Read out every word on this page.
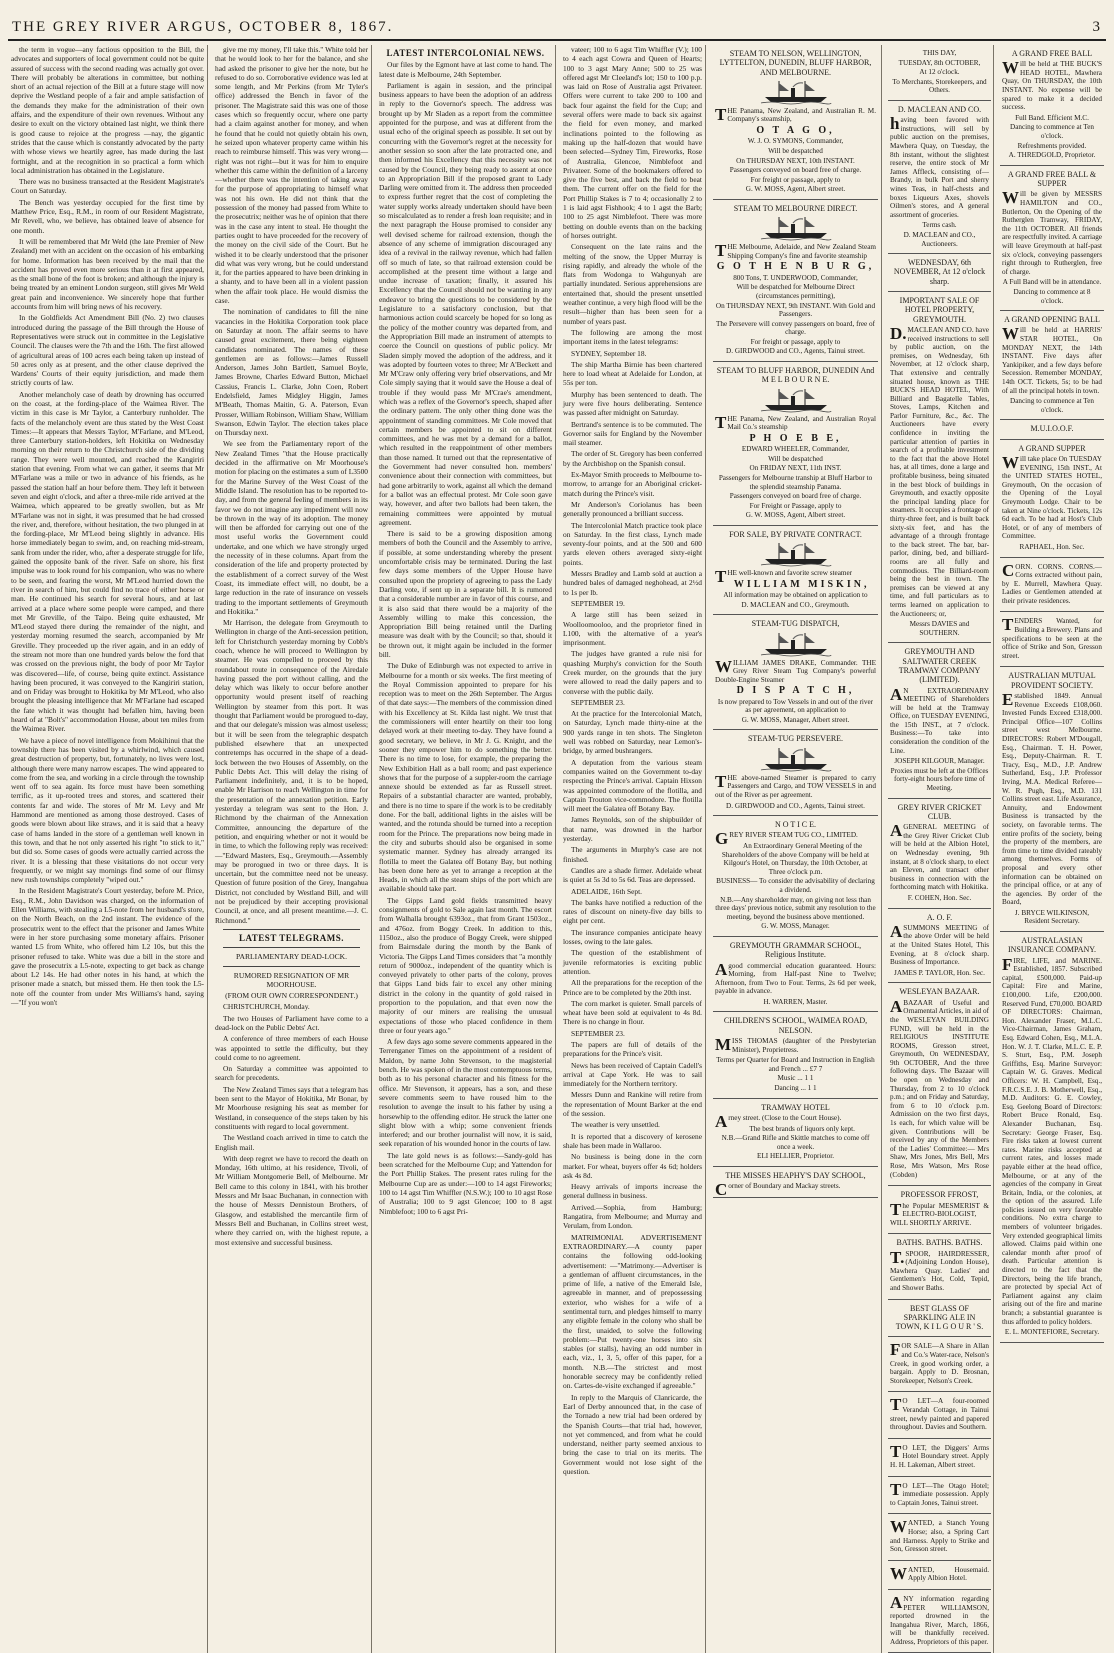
THE GREY RIVER ARGUS, OCTOBER 8, 1867.	3

the term in vogue—any factious opposition to the Bill, the advocates and supporters of local government could not be quite assured of success with the second reading was actually got over. There will probably be alterations in committee, but nothing short of an actual rejection of the Bill at a future stage will now deprive the Westland people of a fair and ample satisfaction of the demands they make for the administration of their own affairs, and the expenditure of their own revenues. Without any desire to exult on the victory obtained last night, we think there is good cause to rejoice at the progress —nay, the gigantic strides that the cause which is constantly advocated by the party with whose views we heartily agree, has made during the last fortnight, and at the recognition in so practical a form which local administration has obtained in the Legislature.

There was no business transacted at the Resident Magistrate's Court on Saturday.

The Bench was yesterday occupied for the first time by Matthew Price, Esq., R.M., in room of our Resident Magistrate, Mr Revell, who, we believe, has obtained leave of absence for one month.

It will be remembered that Mr Weld (the late Premier of New Zealand) met with an accident on the occasion of his embarking for home. Information has been received by the mail that the accident has proved even more serious than it at first appeared, as the small bone of the foot is broken; and although the injury is being treated by an eminent London surgeon, still gives Mr Weld great pain and inconvenience. We sincerely hope that further accounts from him will bring news of his recovery.

In the Goldfields Act Amendment Bill (No. 2) two clauses introduced during the passage of the Bill through the House of Representatives were struck out in committee in the Legislative Council. The clauses were the 7th and the 16th. The first allowed of agricultural areas of 100 acres each being taken up instead of 50 acres only as at present, and the other clause deprived the Wardens' Courts of their equity jurisdiction, and made them strictly courts of law.

Another melancholy case of death by drowning has occurred on the coast, at the fording-place of the Waimea River. The victim in this case is Mr Taylor, a Canterbury runholder. The facts of the melancholy event are thus stated by the West Coast Times:—It appears that Messrs Taylor, M'Farlane, and M'Leod, three Canterbury station-holders, left Hokitika on Wednesday morning on their return to the Christchurch side of the dividing range. They were well mounted, and reached the Kangiriri station that evening. From what we can gather, it seems that Mr M'Farlane was a mile or two in advance of his friends, as he passed the station half an hour before them. They left it between seven and eight o'clock, and after a three-mile ride arrived at the Waimea, which appeared to be greatly swollen, but as Mr M'Farlane was not in sight, it was presumed that he had crossed the river, and, therefore, without hesitation, the two plunged in at the fording-place, Mr M'Leod being slightly in advance. His horse immediately began to swim, and, on reaching mid-stream, sank from under the rider, who, after a desperate struggle for life, gained the opposite bank of the river. Safe on shore, his first impulse was to look round for his companion, who was no where to be seen, and fearing the worst, Mr M'Leod hurried down the river in search of him, but could find no trace of either horse or man. He continued his search for several hours, and at last arrived at a place where some people were camped, and there met Mr Greville, of the Taipo. Being quite exhausted, Mr M'Leod stayed there during the remainder of the night, and yesterday morning resumed the search, accompanied by Mr Greville. They proceeded up the river again, and in an eddy of the stream not more than one hundred yards below the ford that was crossed on the previous night, the body of poor Mr Taylor was discovered—life, of course, being quite extinct. Assistance having been procured, it was conveyed to the Kangiriri station, and on Friday was brought to Hokitika by Mr M'Leod, who also brought the pleasing intelligence that Mr M'Farlane had escaped the fate which it was thought had befallen him, having been heard of at "Bolt's" accommodation House, about ten miles from the Waimea River.

We have a piece of novel intelligence from Mokihinui that the township there has been visited by a whirlwind, which caused great destruction of property, but, fortunately, no lives were lost, although there were many narrow escapes. The wind appeared to come from the sea, and working in a circle through the township went off to sea again. Its force must have been something terrific, as it up-rooted trees and stores, and scattered their contents far and wide. The stores of Mr M. Levy and Mr Hammond are mentioned as among those destroyed. Cases of goods were blown about like straws, and it is said that a heavy case of hams landed in the store of a gentleman well known in this town, and that he not only asserted his right "to stick to it," but did so. Some cases of goods were actually carried across the river. It is a blessing that these visitations do not occur very frequently, or we might say mornings find some of our flimsy new rush townships completely "wiped out."

In the Resident Magistrate's Court yesterday, before M. Price, Esq., R.M., John Davidson was charged, on the information of Ellen Williams, with stealing a L5-note from her husband's store, on the North Beach, on the 2nd instant. The evidence of the prosecutrix went to the effect that the prisoner and James White were in her store purchasing some monetary affairs. Prisoner wanted L5 from White, who offered him L2 10s, but this the prisoner refused to take. White was due a bill in the store and gave the prosecutrix a L5-note, expecting to get back as change about L2 14s. He had other notes in his hand, at which the prisoner made a snatch, but missed them. He then took the L5-note off the counter from under Mrs Williams's hand, saying—"If you won't

give me my money, I'll take this." White told her that he would look to her for the balance, and she had asked the prisoner to give her the note, but he refused to do so. Corroborative evidence was led at some length, and Mr Perkins (from Mr Tyler's office) addressed the Bench in favor of the prisoner. The Magistrate said this was one of those cases which so frequently occur, where one party had a claim against another for money, and when he found that he could not quietly obtain his own, he seized upon whatever property came within his reach to reimburse himself. This was very wrong—right was not right—but it was for him to enquire whether this came within the definition of a larceny—whether there was the intention of taking away for the purpose of appropriating to himself what was not his own. He did not think that the possession of the money had passed from White to the prosecutrix; neither was he of opinion that there was in the case any intent to steal. He thought the parties ought to have proceeded for the recovery of the money on the civil side of the Court. But he wished it to be clearly understood that the prisoner did what was very wrong, but he could understand it, for the parties appeared to have been drinking in a shanty, and to have been all in a violent passion when the affair took place. He would dismiss the case.

The nomination of candidates to fill the nine vacancies in the Hokitika Corporation took place on Saturday at noon. The affair seems to have caused great excitement, there being eighteen candidates nominated. The names of these gentlemen are as follows:—James Russell Anderson, James John Bartlett, Samuel Boyle, James Browne, Charles Edward Button, Michael Cassius, Francis L. Clarke, John Coen, Robert Endelsfield, James Midgley Higgin, James M'Beath, Thomas Maitin, G. A. Paterson, Evan Prosser, William Robinson, William Shaw, William Swanson, Edwin Taylor. The election takes place on Thursday next.

We see from the Parliamentary report of the New Zealand Times "that the House practically decided in the affirmative on Mr Moorhouse's motion for placing on the estimates a sum of L3500 for the Marine Survey of the West Coast of the Middle Island. The resolution has to be reported to-day, and from the general feeling of members in its favor we do not imagine any impediment will now be thrown in the way of its adoption. The money will then be afforded for carrying out one of the most useful works the Government could undertake, and one which we have strongly urged the necessity of in these columns. Apart from the consideration of the life and property protected by the establishment of a correct survey of the West Coast, its immediate effect will, no doubt, be a large reduction in the rate of insurance on vessels trading to the important settlements of Greymouth and Hokitika."

Mr Harrison, the delegate from Greymouth to Wellington in charge of the Anti-secession petition, left for Christchurch yesterday morning by Cobb's coach, whence he will proceed to Wellington by steamer. He was compelled to proceed by this roundabout route in consequence of the Airedale having passed the port without calling, and the delay which was likely to occur before another opportunity would present itself of reaching Wellington by steamer from this port. It was thought that Parliament would be prorogued to-day, and that our delegate's mission was almost useless; but it will be seen from the telegraphic despatch published elsewhere that an unexpected contretemps has occurred in the shape of a dead-lock between the two Houses of Assembly, on the Public Debts Act. This will delay the rising of Parliament indefinitely, and, it is to be hoped, enable Mr Harrison to reach Wellington in time for the presentation of the annexation petition. Early yesterday a telegram was sent to the Hon. J. Richmond by the chairman of the Annexation Committee, announcing the departure of the petition, and enquiring whether or not it would be in time, to which the following reply was received:—"Edward Masters, Esq., Greymouth.—Assembly may be prorogued in two or three days. It is uncertain, but the committee need not be uneasy. Question of future position of the Grey, Inangahua District, not concluded by Westland Bill, and will not be prejudiced by their accepting provisional Council, at once, and all present meantime.—J. C. Richmond."

LATEST TELEGRAMS.
PARLIAMENTARY DEAD-LOCK.
RUMORED RESIGNATION OF MR MOORHOUSE.
(FROM OUR OWN CORRESPONDENT.)

CHRISTCHURCH, Monday.

The two Houses of Parliament have come to a dead-lock on the Public Debts' Act.

A conference of three members of each House was appointed to settle the difficulty, but they could come to no agreement.

On Saturday a committee was appointed to search for precedents.

The New Zealand Times says that a telegram has been sent to the Mayor of Hokitika, Mr Bonar, by Mr Moorhouse resigning his seat as member for Westland, in consequence of the steps taken by his constituents with regard to local government.

The Westland coach arrived in time to catch the English mail.

With deep regret we have to record the death on Monday, 16th ultimo, at his residence, Tivoli, of Mr William Montgomerie Bell, of Melbourne. Mr Bell came to this colony in 1841, with his brother Messrs and Mr Isaac Buchanan, in connection with the house of Messrs Dennistoun Brothers, of Glasgow, and established the mercantile firm of Messrs Bell and Buchanan, in Collins street west, where they carried on, with the highest repute, a most extensive and successful business.

LATEST INTERCOLONIAL NEWS.

Our files by the Egmont have at last come to hand. The latest date is Melbourne, 24th September.

Parliament is again in session, and the principal business appears to have been the adoption of an address in reply to the Governor's speech. The address was brought up by Mr Sladen as a report from the committee appointed for the purpose, and was at different from the usual echo of the original speech as possible. It set out by concurring with the Governor's regret at the necessity for another session so soon after the late protracted one, and then informed his Excellency that this necessity was not caused by the Council, they being ready to assent at once to an Appropriation Bill if the proposed grant to Lady Darling were omitted from it. The address then proceeded to express further regret that the cost of completing the water supply works already undertaken should have been so miscalculated as to render a fresh loan requisite; and in the next paragraph the House promised to consider any well devised scheme for railroad extension, though the absence of any scheme of immigration discouraged any idea of a revival in the railway revenue, which had fallen off so much of late, so that railroad extension could be accomplished at the present time without a large and undue increase of taxation; finally, it assured his Excellency that the Council should not be wanting in any endeavor to bring the questions to be considered by the Legislature to a satisfactory conclusion, but that harmonious action could scarcely be hoped for so long as the policy of the mother country was departed from, and the Appropriation Bill made an instrument of attempts to coerce the Council on questions of public policy. Mr Sladen simply moved the adoption of the address, and it was adopted by fourteen votes to three; Mr A'Beckett and Mr M'Craw only offering very brief observations, and Mr Cole simply saying that it would save the House a deal of trouble if they would pass Mr M'Crae's amendment, which was a reflex of the Governor's speech, shaped after the ordinary pattern. The only other thing done was the appointment of standing committees. Mr Cole moved that certain members be appointed to sit on different committees, and he was met by a demand for a ballot, which resulted in the reappointment of other members than those named. It turned out that the representative of the Government had never consulted hon. members' convenience about their connection with committees, but had gone arbitrarily to work, against all which the demand for a ballot was an effectual protest. Mr Cole soon gave way, however, and after two ballots had been taken, the remaining committees were appointed by mutual agreement.

There is said to be a growing disposition among members of both the Council and the Assembly to arrive, if possible, at some understanding whereby the present uncomfortable crisis may be terminated. During the last few days some members of the Upper House have consulted upon the propriety of agreeing to pass the Lady Darling vote, if sent up in a separate bill. It is rumored that a considerable number are in favor of this course, and it is also said that there would be a majority of the Assembly willing to make this concession, the Appropriation Bill being retained until the Darling measure was dealt with by the Council; so that, should it be thrown out, it might again be included in the former bill.

The Duke of Edinburgh was not expected to arrive in Melbourne for a month or six weeks. The first meeting of the Royal Commission appointed to prepare for his reception was to meet on the 26th September. The Argus of that date says:—The members of the commission dined with his Excellency at St. Kilda last night. We trust that the commissioners will enter heartily on their too long delayed work at their meeting to-day. They have found a good secretary, we believe, in Mr J. G. Knight, and the sooner they empower him to do something the better. There is no time to lose, for example, the preparing the New Exhibition Hall as a ball room; and past experience shows that for the purpose of a suppler-room the carriage annexe should be extended as far as Russell street. Repairs of a substantial character are wanted, probably, and there is no time to spare if the work is to be creditably done. For the ball, additional lights in the aisles will be wanted, and the rotunda should be turned into a reception room for the Prince. The preparations now being made in the city and suburbs should also be organised in some systematic manner. Sydney has already arranged its flotilla to meet the Galatea off Botany Bay, but nothing has been done here as yet to arrange a reception at the Heads, in which all the steam ships of the port which are available should take part.

The Gipps Land gold fields transmitted heavy consignments of gold to Sale again last month. The escort from Walhalla brought 6393oz., that from Grant 1503oz., and 476oz. from Boggy Creek. In addition to this, 1150oz., also the produce of Boggy Creek, were shipped from Bairnsdale during the month by the Bank of Victoria. The Gipps Land Times considers that "a monthly return of 9000oz., independent of the quantity which is conveyed privately to other parts of the colony, proves that Gipps Land bids fair to excel any other mining district in the colony in the quantity of gold raised in proportion to the population, and that even now the majority of our miners are realising the unusual expectations of those who placed confidence in them three or four years ago."

A few days ago some severe comments appeared in the Terrenganer Times on the appointment of a resident of Maldon, by name John Stevenson, to the magisterial bench. He was spoken of in the most contemptuous terms, both as to his personal character and his fitness for the office. Mr Stevenson, it appears, has a son, and these severe comments seem to have roused him to the resolution to avenge the insult to his father by using a horsewhip to the offending editor. He struck the latter one slight blow with a whip; some convenient friends interfered; and our brother journalist will now, it is said, seek reparation of his wounded honor in the courts of law.

The late gold news is as follows:—Sandy-gold has been scratched for the Melbourne Cup; and Yattendon for the Port Phillip Stakes. The present rates ruling for the Melbourne Cup are as under:—100 to 14 agst Fireworks; 100 to 14 agst Tim Whiffler (N.S.W.); 100 to 10 agst Rose of Australia; 100 to 9 agst Glencoe; 100 to 8 agst Nimblefoot; 100 to 6 agst Pri-

vateer; 100 to 6 agst Tim Whiffler (V.); 100 to 4 each agst Cowra and Queen of Hearts; 100 to 3 agst Mary Anne; 500 to 25 was offered agst Mr Cleeland's lot; 150 to 100 p.p. was laid on Rose of Australia agst Privateer. Offers were current to take 200 to 100 and back four against the field for the Cup; and several offers were made to back six against the field for even money, and marked inclinations pointed to the following as making up the half-dozen that would have been selected—Sydney Tim, Fireworks, Rose of Australia, Glencoe, Nimblefoot and Privateer. Some of the bookmakers offered to give the five best, and back the field to beat them. The current offer on the field for the Port Phillip Stakes is 7 to 4; occasionally 2 to 1 is laid agst Fishhook; 4 to 1 agst the Barb; 100 to 25 agst Nimblefoot. There was more betting on double events than on the backing of horses outright.

Consequent on the late rains and the melting of the snow, the Upper Murray is rising rapidly, and already the whole of the flats from Wodonga to Wahgunyah are partially inundated. Serious apprehensions are entertained that, should the present unsettled weather continue, a very high flood will be the result—higher than has been seen for a number of years past.

The following are among the most important items in the latest telegrams:

SYDNEY, September 18.

The ship Martha Birnie has been chartered here to load wheat at Adelaide for London, at 55s per ton.

Murphy has been sentenced to death. The jury were five hours deliberating. Sentence was passed after midnight on Saturday.

Bertrand's sentence is to be commuted. The Governor sails for England by the November mail steamer.

The order of St. Gregory has been conferred by the Archbishop on the Spanish consul.

Ex-Mayor Smith proceeds to Melbourne to-morrow, to arrange for an Aboriginal cricket-match during the Prince's visit.

Mr Anderson's Coriolanus has been generally pronounced a brilliant success.

The Intercolonial Match practice took place on Saturday. In the first class, Lynch made seventy-four points, and at the 500 and 600 yards eleven others averaged sixty-eight points.

Messrs Bradley and Lamb sold at auction a hundred bales of damaged neghohead, at 2½d to 1s per lb.

SEPTEMBER 19.

A large still has been seized in Woolloomooloo, and the proprietor fined in L100, with the alternative of a year's imprisonment.

The judges have granted a rule nisi for quashing Murphy's conviction for the South Creek murder, on the grounds that the jury were allowed to read the daily papers and to converse with the public daily.

SEPTEMBER 23.

At the practice for the Intercolonial Match, on Saturday, Lynch made thirty-nine at the 900 yards range in ten shots. The Singleton well was robbed on Saturday, near Lemon's-bridge, by armed bushrangers.

A deputation from the various steam companies waited on the Government to-day respecting the Prince's arrival. Captain Hixson was appointed commodore of the flotilla, and Captain Trouton vice-commodore. The flotilla will meet the Galatea off Botany Bay.

James Reynolds, son of the shipbuilder of that name, was drowned in the harbor yesterday.

The arguments in Murphy's case are not finished.

Candles are a shade firmer. Adelaide wheat is quiet at 5s 3d to 5s 6d. Teas are depressed.

ADELAIDE, 16th Sept.

The banks have notified a reduction of the rates of discount on ninety-five day bills to eight per cent.

The insurance companies anticipate heavy losses, owing to the late gales.

The question of the establishment of juvenile reformatories is exciting public attention.

All the preparations for the reception of the Prince are to be completed by the 20th inst.

The corn market is quieter. Small parcels of wheat have been sold at equivalent to 4s 8d. There is no change in flour.

SEPTEMBER 23.

The papers are full of details of the preparations for the Prince's visit.

News has been received of Captain Cadell's arrival at Cape York. He was to sail immediately for the Northern territory.

Messrs Dunn and Rankine will retire from the representation of Mount Barker at the end of the session.

The weather is very unsettled.

It is reported that a discovery of kerosene shale has been made in Wallaroo.

No business is being done in the corn market. For wheat, buyers offer 4s 6d; holders ask 4s 8d.

Heavy arrivals of imports increase the general dullness in business.

Arrived.—Sophia, from Hamburg; Rangatira, from Melbourne; and Murray and Verulam, from London.

MATRIMONIAL ADVERTISEMENT EXTRAORDINARY.—A county paper contains the following odd-looking advertisement: —"Matrimony.—Advertiser is a gentleman of affluent circumstances, in the prime of life, a native of the Emerald Isle, agreeable in manner, and of prepossessing exterior, who wishes for a wife of a sentimental turn, and pledges himself to marry any eligible female in the colony who shall be the first, unaided, to solve the following problem:—Put twenty-one horses into six stables (or stalls), having an odd number in each, viz., 1, 3, 5, offer of this paper, for a month. N.B.—The strictest and most honorable secrecy may be confidently relied on. Cartes-de-visite exchanged if agreeable."

In reply to the Marquis of Clanricarde, the Earl of Derby announced that, in the case of the Tornado a new trial had been ordered by the Spanish Courts—that trial had, however, not yet commenced, and from what he could understand, neither party seemed anxious to bring the case to trial on its merits. The Government would not lose sight of the question.

STEAM TO NELSON, WELLINGTON, LYTTELTON, DUNEDIN, BLUFF HARBOR, AND MELBOURNE.
THE Panama, New Zealand, and Australian R. M. Company's steamship,
O T A G O,
W. J. O. SYMONS, Commander,
Will be despatched
On THURSDAY NEXT, 10th INSTANT.
Passengers conveyed on board free of charge.
For freight or passage, apply to
G. W. MOSS, Agent, Albert street.
STEAM TO MELBOURNE DIRECT.
THE Melbourne, Adelaide, and New Zealand Steam Shipping Company's fine and favorite steamship
G O T H E N B U R G,
800 Tons, T. UNDERWOOD, Commander,
Will be despatched for Melbourne Direct (circumstances permitting),
On THURSDAY NEXT, 9th INSTANT. With Gold and Passengers.
The Persevere will convey passengers on board, free of charge.
For freight or passage, apply to
D. GIRDWOOD and CO., Agents, Tainui street.
STEAM TO BLUFF HARBOR, DUNEDIN And M E L B O U R N E.
THE Panama, New Zealand, and Australian Royal Mail Co.'s steamship
P H O E B E,
EDWARD WHEELER, Commander,
Will be despatched
On FRIDAY NEXT, 11th INST.
Passengers for Melbourne tranship at Bluff Harbor to the splendid steamship Panama.
Passengers conveyed on board free of charge.
For Freight or Passage, apply to
G. W. MOSS, Agent, Albert street.
FOR SALE, BY PRIVATE CONTRACT.
THE well-known and favorite screw steamer
WILLIAM MISKIN,
All information may be obtained on application to
D. MACLEAN and CO., Greymouth.
STEAM-TUG DISPATCH,
WILLIAM JAMES DRAKE, Commander. THE Grey River Steam Tug Company's powerful Double-Engine Steamer
D I S P A T C H,
Is now prepared to Tow Vessels in and out of the river as per agreement, on application to
G. W. MOSS, Manager, Albert street.
STEAM-TUG PERSEVERE.
THE above-named Steamer is prepared to carry Passengers and Cargo, and TOW VESSELS in and out of the River as per agreement.
D. GIRDWOOD and CO., Agents, Tainui street.
N O T I C E.
GREY RIVER STEAM TUG CO., LIMITED.
An Extraordinary General Meeting of the Shareholders of the above Company will be held at Kilgour's Hotel, on Thursday, the 10th October, at Three o'clock p.m.
BUSINESS— To consider the advisability of declaring a dividend.
N.B.—Any shareholder may, on giving not less than three days' previous notice, submit any resolution to the meeting, beyond the business above mentioned.
G. W. MOSS, Manager.
GREYMOUTH GRAMMAR SCHOOL, Religious Institute.
Agood commercial education guaranteed. Hours: Morning, from Half-past Nine to Twelve; Afternoon, from Two to Four. Terms, 2s 6d per week, payable in advance.
H. WARREN, Master.
CHILDREN'S SCHOOL, WAIMEA ROAD, NELSON.
MISS THOMAS (daughter of the Presbyterian Minister), Proprietress.
Terms per Quarter for Board and Instruction in English and French ... £7 7
Music ... 1 1
Dancing ... 1 1
TRAMWAY HOTEL
Arney street. (Close to the Court House).
The best brands of liquors only kept.
N.B.—Grand Rifle and Skittle matches to come off once a week.
ELI HELLIER, Proprietor.
THE MISSES HEAPHY'S DAY SCHOOL,
Corner of Boundary and Mackay streets.
THIS DAY,
TUESDAY, 8th OCTOBER,
At 12 o'clock.
To Merchants, Storekeepers, and Others.
D. MACLEAN AND CO.
having been favored with instructions, will sell by public auction on the premises, Mawhera Quay, on Tuesday, the 8th instant, without the slightest reserve, the entire stock of Mr James Affleck, consisting of— Brandy, in bulk Port and sherry wines Teas, in half-chests and boxes Liqueurs Axes, shovels Oilmen's stores, and A general assortment of groceries.
Terms cash.
D. MACLEAN and CO., Auctioneers.
WEDNESDAY, 6th NOVEMBER, At 12 o'clock sharp.
IMPORTANT SALE OF HOTEL PROPERTY, GREYMOUTH.
D.MACLEAN AND CO. have received instructions to sell by public auction, on the premises, on Wednesday, 6th November, at 12 o'clock sharp, That extensive and centrally situated house, known as THE BUCK'S HEAD HOTEL, With Billiard and Bagatelle Tables, Stoves, Lamps, Kitchen and Parlor Furniture, &c., &c. The Auctioneers have every confidence in inviting the particular attention of parties in search of a profitable investment to the fact that the above Hotel has, at all times, done a large and profitable business, being situated in the best block of buildings in Greymouth, and exactly opposite the principal landing place for steamers. It occupies a frontage of thirty-three feet, and is built back sixty-six feet, and has the advantage of a through frontage to the back street. The bar, bar-parlor, dining, bed, and billiard-rooms are all fully and commodious. The Billiard-room being the best in town. The premises can be viewed at any time, and full particulars as to terms learned on application to the Auctioneers; or,
Messrs DAVIES and SOUTHERN.
GREYMOUTH AND SALTWATER CREEK TRAMWAY COMPANY (LIMITED).
AN EXTRAORDINARY MEETING of Shareholders will be held at the Tramway Office, on TUESDAY EVENING, the 15th INST., at 7 o'clock. Business:—To take into consideration the condition of the Line.
JOSEPH KILGOUR, Manager.
Proxies must be left at the Offices forty-eight hours before time of Meeting.
GREY RIVER CRICKET CLUB.
AGENERAL MEETING of the Grey River Cricket Club will be held at the Albion Hotel, on Wednesday evening, 9th instant, at 8 o'clock sharp, to elect an Eleven, and transact other business in connection with the forthcoming match with Hokitika.
F. COHEN, Hon. Sec.
A. O. F.
ASUMMONS MEETING of the above Order will be held at the United States Hotel, This Evening, at 8 o'clock sharp. Business of Importance.
JAMES P. TAYLOR, Hon. Sec.
WESLEYAN BAZAAR.
ABAZAAR of Useful and Ornamental Articles, in aid of the WESLEYAN BUILDING FUND, will be held in the RELIGIOUS INSTITUTE ROOMS, Gresson street, Greymouth, On WEDNESDAY, 9th OCTOBER, And the three following days. The Bazaar will be open on Wednesday and Thursday, from 2 to 10 o'clock p.m.; and on Friday and Saturday, from 6 to 10 o'clock p.m. Admission on the two first days, 1s each, for which value will be given. Contributions will be received by any of the Members of the Ladies' Committee:— Mrs Shaw, Mrs Jones, Mrs Bell, Mrs Rose, Mrs Watson, Mrs Rose (Cobden)
PROFESSOR FFROST,
The Popular MESMERIST & ELECTRO-BIOLOGIST, WILL SHORTLY ARRIVE.
BATHS. BATHS. BATHS.
T.SPOOR, HAIRDRESSER, (Adjoining London House), Mawhera Quay. Ladies' and Gentlemen's Hot, Cold, Tepid, and Shower Baths.
BEST GLASS OF SPARKLING ALE IN TOWN, K I L G O U R ' S.
FOR SALE—A Share in Allan and Co.'s Water-race, Nelson's Creek, in good working order, a bargain. Apply to D. Brosnan, Storekeeper, Nelson's Creek.
TO LET—A four-roomed Verandah Cottage, in Tainui street, newly painted and papered throughout. Davies and Southern.
TO LET, the Diggers' Arms Hotel Boundary street. Apply H. H. Lakeman, Albert street.
TO LET—The Otago Hotel; immediate possession. Apply to Captain Jones, Tainui street.
WANTED, a Stanch Young Horse; also, a Spring Cart and Harness. Apply to Strike and Son, Gresson street.
WANTED, Housemaid. Apply Albion Hotel.
ANY information regarding PETER WILLIAMSON, reported drowned in the Inangahua River, March, 1866, will be thankfully received. Address, Proprietors of this paper.
A GRAND FREE BALL
Will be held at THE BUCK'S HEAD HOTEL, Mawhera Quay, On THURSDAY, the 10th INSTANT. No expense will be spared to make it a decided success.
Full Band. Efficient M.C.
Dancing to commence at Ten o'clock.
Refreshments provided.
A. THREDGOLD, Proprietor.
A GRAND FREE BALL & SUPPER
Will be given by MESSRS HAMILTON and CO., Butlerton, On the Opening of the Rutherglen Tramway, FRIDAY, the 11th OCTOBER. All friends are respectfully invited. A carriage will leave Greymouth at half-past six o'clock, conveying passengers right through to Rutherglen, free of charge.
A Full Band will be in attendance.
Dancing to commence at 8 o'clock.
A GRAND OPENING BALL
Will be held at HARRIS' STAR HOTEL, On MONDAY NEXT, the 14th INSTANT. Five days after Yankipiker, and a few days before Secession. Remember MONDAY, 14th OCT. Tickets, 5s; to be had of all the principal hotels in town.
Dancing to commence at Ten o'clock.
M.U.I.O.O.F.
A GRAND SUPPER
Will take place On TUESDAY EVENING, 15th INST., At the UNITED STATES HOTEL, Greymouth, On the occasion of the Opening of the Loyal Greymouth Lodge. Chair to be taken at Nine o'clock. Tickets, 12s 6d each. To be had at Host's Club Hotel, or of any of members of Committee.
RAPHAEL, Hon. Sec.
CORN. CORNS. CORNS.—Corns extracted without pain, by E. Murrell, Mawhera Quay. Ladies or Gentlemen attended at their private residences.
TENDERS Wanted, for Building a Brewery. Plans and specifications to be seen at the office of Strike and Son, Gresson street.
AUSTRALIAN MUTUAL PROVIDENT SOCIETY.
Established 1849. Annual Revenue Exceeds £108,060. Invested Funds Exceed £318,000. Principal Office—107 Collins street west Melbourne. DIRECTORS: Robert M'Dougall, Esq., Chairman. T. H. Power, Esq., Deputy-Chairman. R. T. Tracy, Esq., M.D., J.P. Andrew Sutherland, Esq., J.P. Professor Irving, M.A. Medical Referee—W. R. Pugh, Esq., M.D. 131 Collins street east. Life Assurance, Annuity, and Endowment Business is transacted by the society, on favorable terms. The entire profits of the society, being the property of the members, are from time to time divided rateably among themselves. Forms of proposal and every other information can be obtained on the principal office, or at any of the agencies. By order of the Board,
J. BRYCE WILKINSON, Resident Secretary.
AUSTRALASIAN INSURANCE COMPANY.
FIRE, LIFE, and MARINE. Established, 1857. Subscribed capital, £500,000. Paid-up Capital: Fire and Marine, £100,000. Life, £200,000. Reserved Fund, £70,000. BOARD OF DIRECTORS: Chairman, Hon. Alexander Fraser, M.L.C. Vice-Chairman, James Graham, Esq. Edward Cohen, Esq., M.L.A. Hon. W. J. T. Clarke, M.L.C. E. P. S. Sturt, Esq., P.M. Joseph Griffiths, Esq. Marine Surveyor: Captain W. G. Graves. Medical Officers: W. H. Campbell, Esq., F.R.C.S.E. J. B. Motherwell, Esq., M.D. Auditors: G. E. Cowley, Esq. Geelong Board of Directors: Robert Bruce Ronald, Esq. Alexander Buchanan, Esq. Secretary: George Fraser, Esq. Fire risks taken at lowest current rates. Marine risks accepted at current rates, and losses made payable either at the head office, Melbourne, or at any of the agencies of the company in Great Britain, India, or the colonies, at the option of the assured. Life policies issued on very favorable conditions. No extra charge to members of volunteer brigades. Very extended geographical limits allowed. Claims paid within one calendar month after proof of death. Particular attention is directed to the fact that the Directors, being the life branch, are protected by special Act of Parliament against any claim arising out of the fire and marine branch; a substantial guarantee is thus afforded to policy holders.
E. L. MONTEFIORE, Secretary.
